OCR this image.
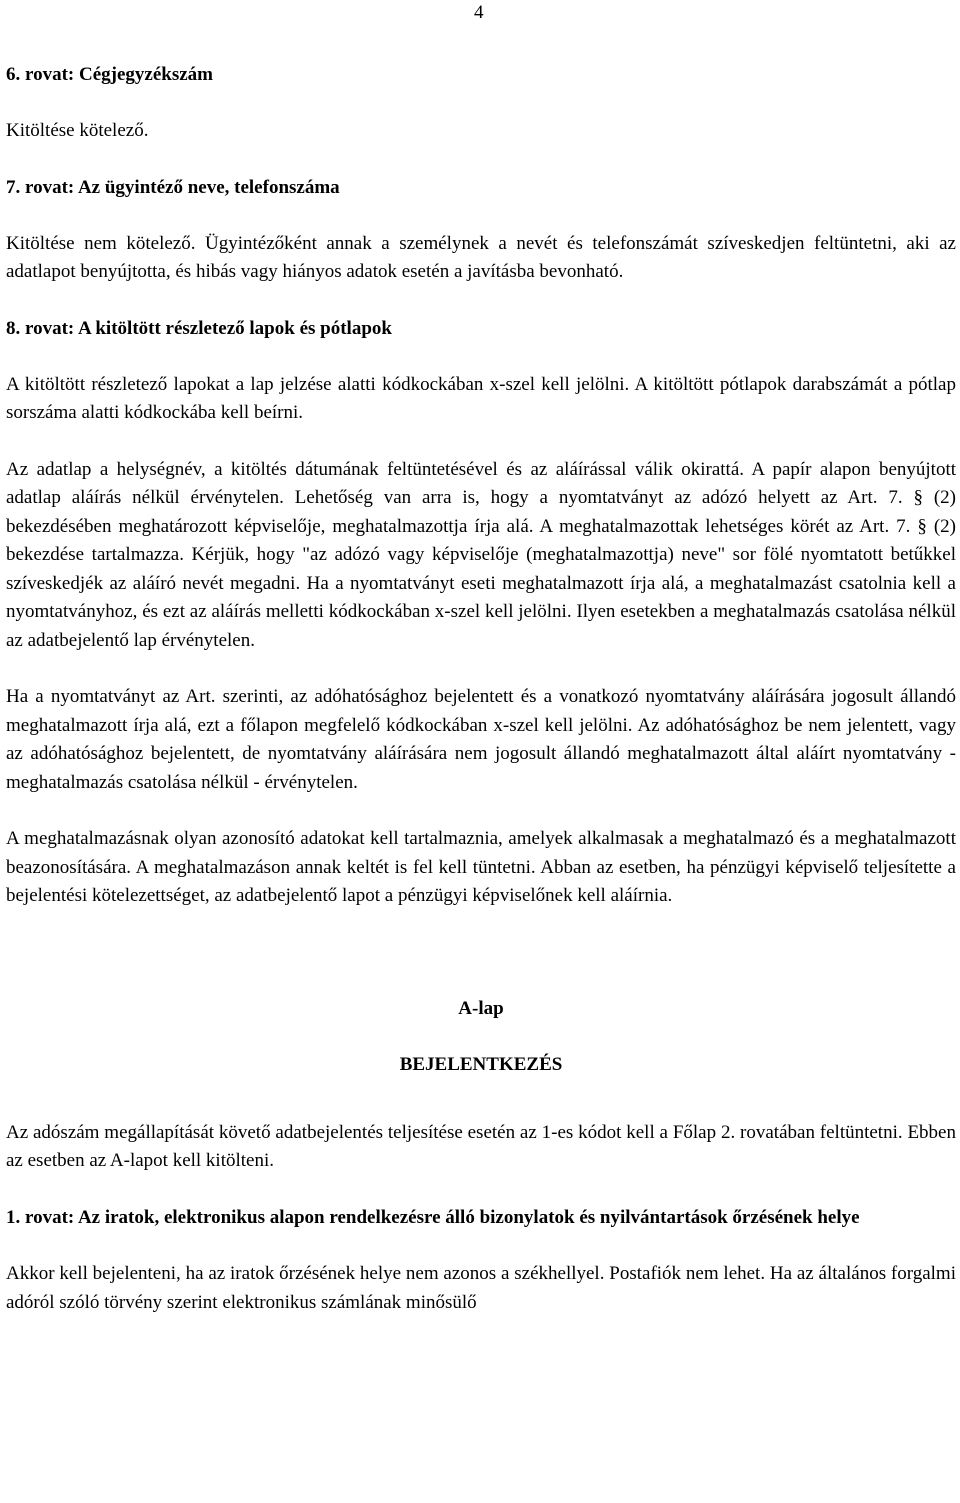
4

6. rovat: Cégjegyzékszám

Kitöltése kötelező.

7. rovat: Az ügyintéző neve, telefonszáma

Kitöltése nem kötelező. Ügyintézőként annak a személynek a nevét és telefonszámát szíveskedjen feltüntetni, aki az adatlapot benyújtotta, és hibás vagy hiányos adatok esetén a javításba bevonható.

8. rovat: A kitöltött részletező lapok és pótlapok

A kitöltött részletező lapokat a lap jelzése alatti kódkockában x-szel kell jelölni. A kitöltött pótlapok darabszámát a pótlap sorszáma alatti kódkockába kell beírni.

Az adatlap a helységnév, a kitöltés dátumának feltüntetésével és az aláírással válik okirattá. A papír alapon benyújtott adatlap aláírás nélkül érvénytelen. Lehetőség van arra is, hogy a nyomtatványt az adózó helyett az Art. 7. § (2) bekezdésében meghatározott képviselője, meghatalmazottja írja alá. A meghatalmazottak lehetséges körét az Art. 7. § (2) bekezdése tartalmazza. Kérjük, hogy "az adózó vagy képviselője (meghatalmazottja) neve" sor fölé nyomtatott betűkkel szíveskedjék az aláíró nevét megadni. Ha a nyomtatványt eseti meghatalmazott írja alá, a meghatalmazást csatolnia kell a nyomtatványhoz, és ezt az aláírás melletti kódkockában x-szel kell jelölni. Ilyen esetekben a meghatalmazás csatolása nélkül az adatbejelentő lap érvénytelen.

Ha a nyomtatványt az Art. szerinti, az adóhatósághoz bejelentett és a vonatkozó nyomtatvány aláírására jogosult állandó meghatalmazott írja alá, ezt a főlapon megfelelő kódkockában x-szel kell jelölni. Az adóhatósághoz be nem jelentett, vagy az adóhatósághoz bejelentett, de nyomtatvány aláírására nem jogosult állandó meghatalmazott által aláírt nyomtatvány - meghatalmazás csatolása nélkül - érvénytelen.

A meghatalmazásnak olyan azonosító adatokat kell tartalmaznia, amelyek alkalmasak a meghatalmazó és a meghatalmazott beazonosítására. A meghatalmazáson annak keltét is fel kell tüntetni. Abban az esetben, ha pénzügyi képviselő teljesítette a bejelentési kötelezettséget, az adatbejelentő lapot a pénzügyi képviselőnek kell aláírnia.

A-lap

BEJELENTKEZÉS

Az adószám megállapítását követő adatbejelentés teljesítése esetén az 1-es kódot kell a Főlap 2. rovatában feltüntetni. Ebben az esetben az A-lapot kell kitölteni.

1. rovat: Az iratok, elektronikus alapon rendelkezésre álló bizonylatok és nyilvántartások őrzésének helye

Akkor kell bejelenteni, ha az iratok őrzésének helye nem azonos a székhellyel. Postafiók nem lehet. Ha az általános forgalmi adóról szóló törvény szerint elektronikus számlának minősülő
